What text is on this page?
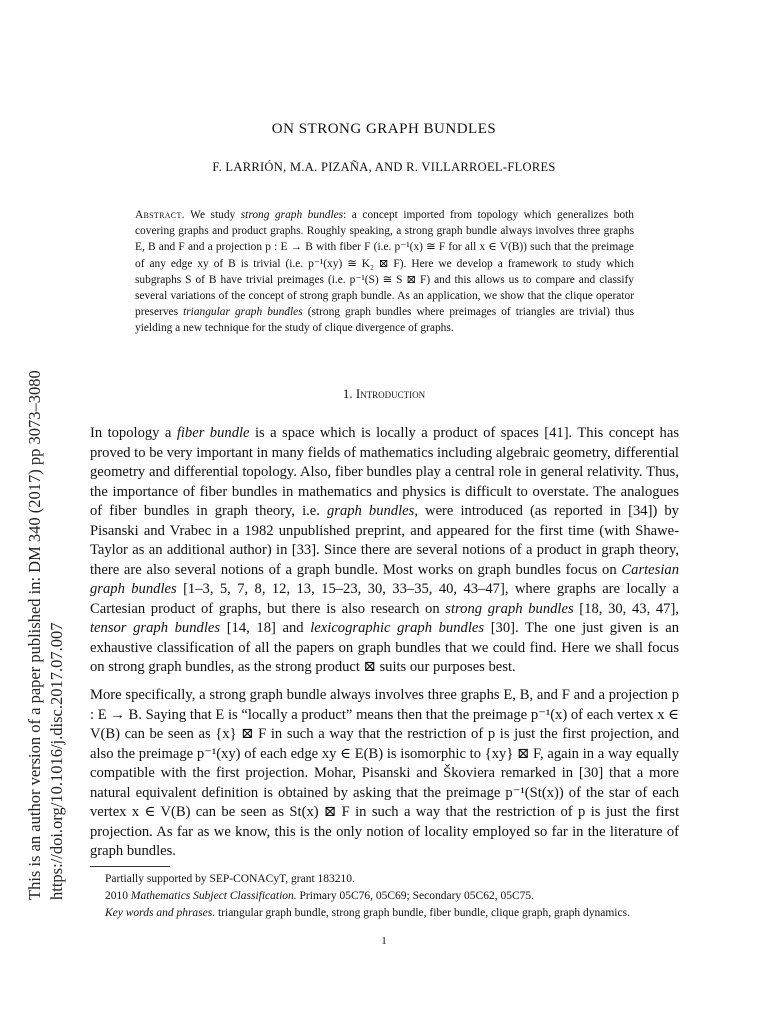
This is an author version of a paper published in: DM 340 (2017) pp 3073–3080 https://doi.org/10.1016/j.disc.2017.07.007
ON STRONG GRAPH BUNDLES
F. LARRIÓN, M.A. PIZAÑA, AND R. VILLARROEL-FLORES
Abstract. We study strong graph bundles: a concept imported from topology which generalizes both covering graphs and product graphs. Roughly speaking, a strong graph bundle always involves three graphs E, B and F and a projection p : E → B with fiber F (i.e. p⁻¹(x) ≅ F for all x ∈ V(B)) such that the preimage of any edge xy of B is trivial (i.e. p⁻¹(xy) ≅ K₂ ⊠ F). Here we develop a framework to study which subgraphs S of B have trivial preimages (i.e. p⁻¹(S) ≅ S ⊠ F) and this allows us to compare and classify several variations of the concept of strong graph bundle. As an application, we show that the clique operator preserves triangular graph bundles (strong graph bundles where preimages of triangles are trivial) thus yielding a new technique for the study of clique divergence of graphs.
1. Introduction
In topology a fiber bundle is a space which is locally a product of spaces [41]. This concept has proved to be very important in many fields of mathematics including algebraic geometry, differential geometry and differential topology. Also, fiber bundles play a central role in general relativity. Thus, the importance of fiber bundles in mathematics and physics is difficult to overstate. The analogues of fiber bundles in graph theory, i.e. graph bundles, were introduced (as reported in [34]) by Pisanski and Vrabec in a 1982 unpublished preprint, and appeared for the first time (with Shawe-Taylor as an additional author) in [33]. Since there are several notions of a product in graph theory, there are also several notions of a graph bundle. Most works on graph bundles focus on Cartesian graph bundles [1–3, 5, 7, 8, 12, 13, 15–23, 30, 33–35, 40, 43–47], where graphs are locally a Cartesian product of graphs, but there is also research on strong graph bundles [18, 30, 43, 47], tensor graph bundles [14, 18] and lexicographic graph bundles [30]. The one just given is an exhaustive classification of all the papers on graph bundles that we could find. Here we shall focus on strong graph bundles, as the strong product ⊠ suits our purposes best.
More specifically, a strong graph bundle always involves three graphs E, B, and F and a projection p : E → B. Saying that E is “locally a product” means then that the preimage p⁻¹(x) of each vertex x ∈ V(B) can be seen as {x} ⊠ F in such a way that the restriction of p is just the first projection, and also the preimage p⁻¹(xy) of each edge xy ∈ E(B) is isomorphic to {xy} ⊠ F, again in a way equally compatible with the first projection. Mohar, Pisanski and Škoviera remarked in [30] that a more natural equivalent definition is obtained by asking that the preimage p⁻¹(St(x)) of the star of each vertex x ∈ V(B) can be seen as St(x) ⊠ F in such a way that the restriction of p is just the first projection. As far as we know, this is the only notion of locality employed so far in the literature of graph bundles.
Partially supported by SEP-CONACyT, grant 183210.
2010 Mathematics Subject Classification. Primary 05C76, 05C69; Secondary 05C62, 05C75.
Key words and phrases. triangular graph bundle, strong graph bundle, fiber bundle, clique graph, graph dynamics.
1
